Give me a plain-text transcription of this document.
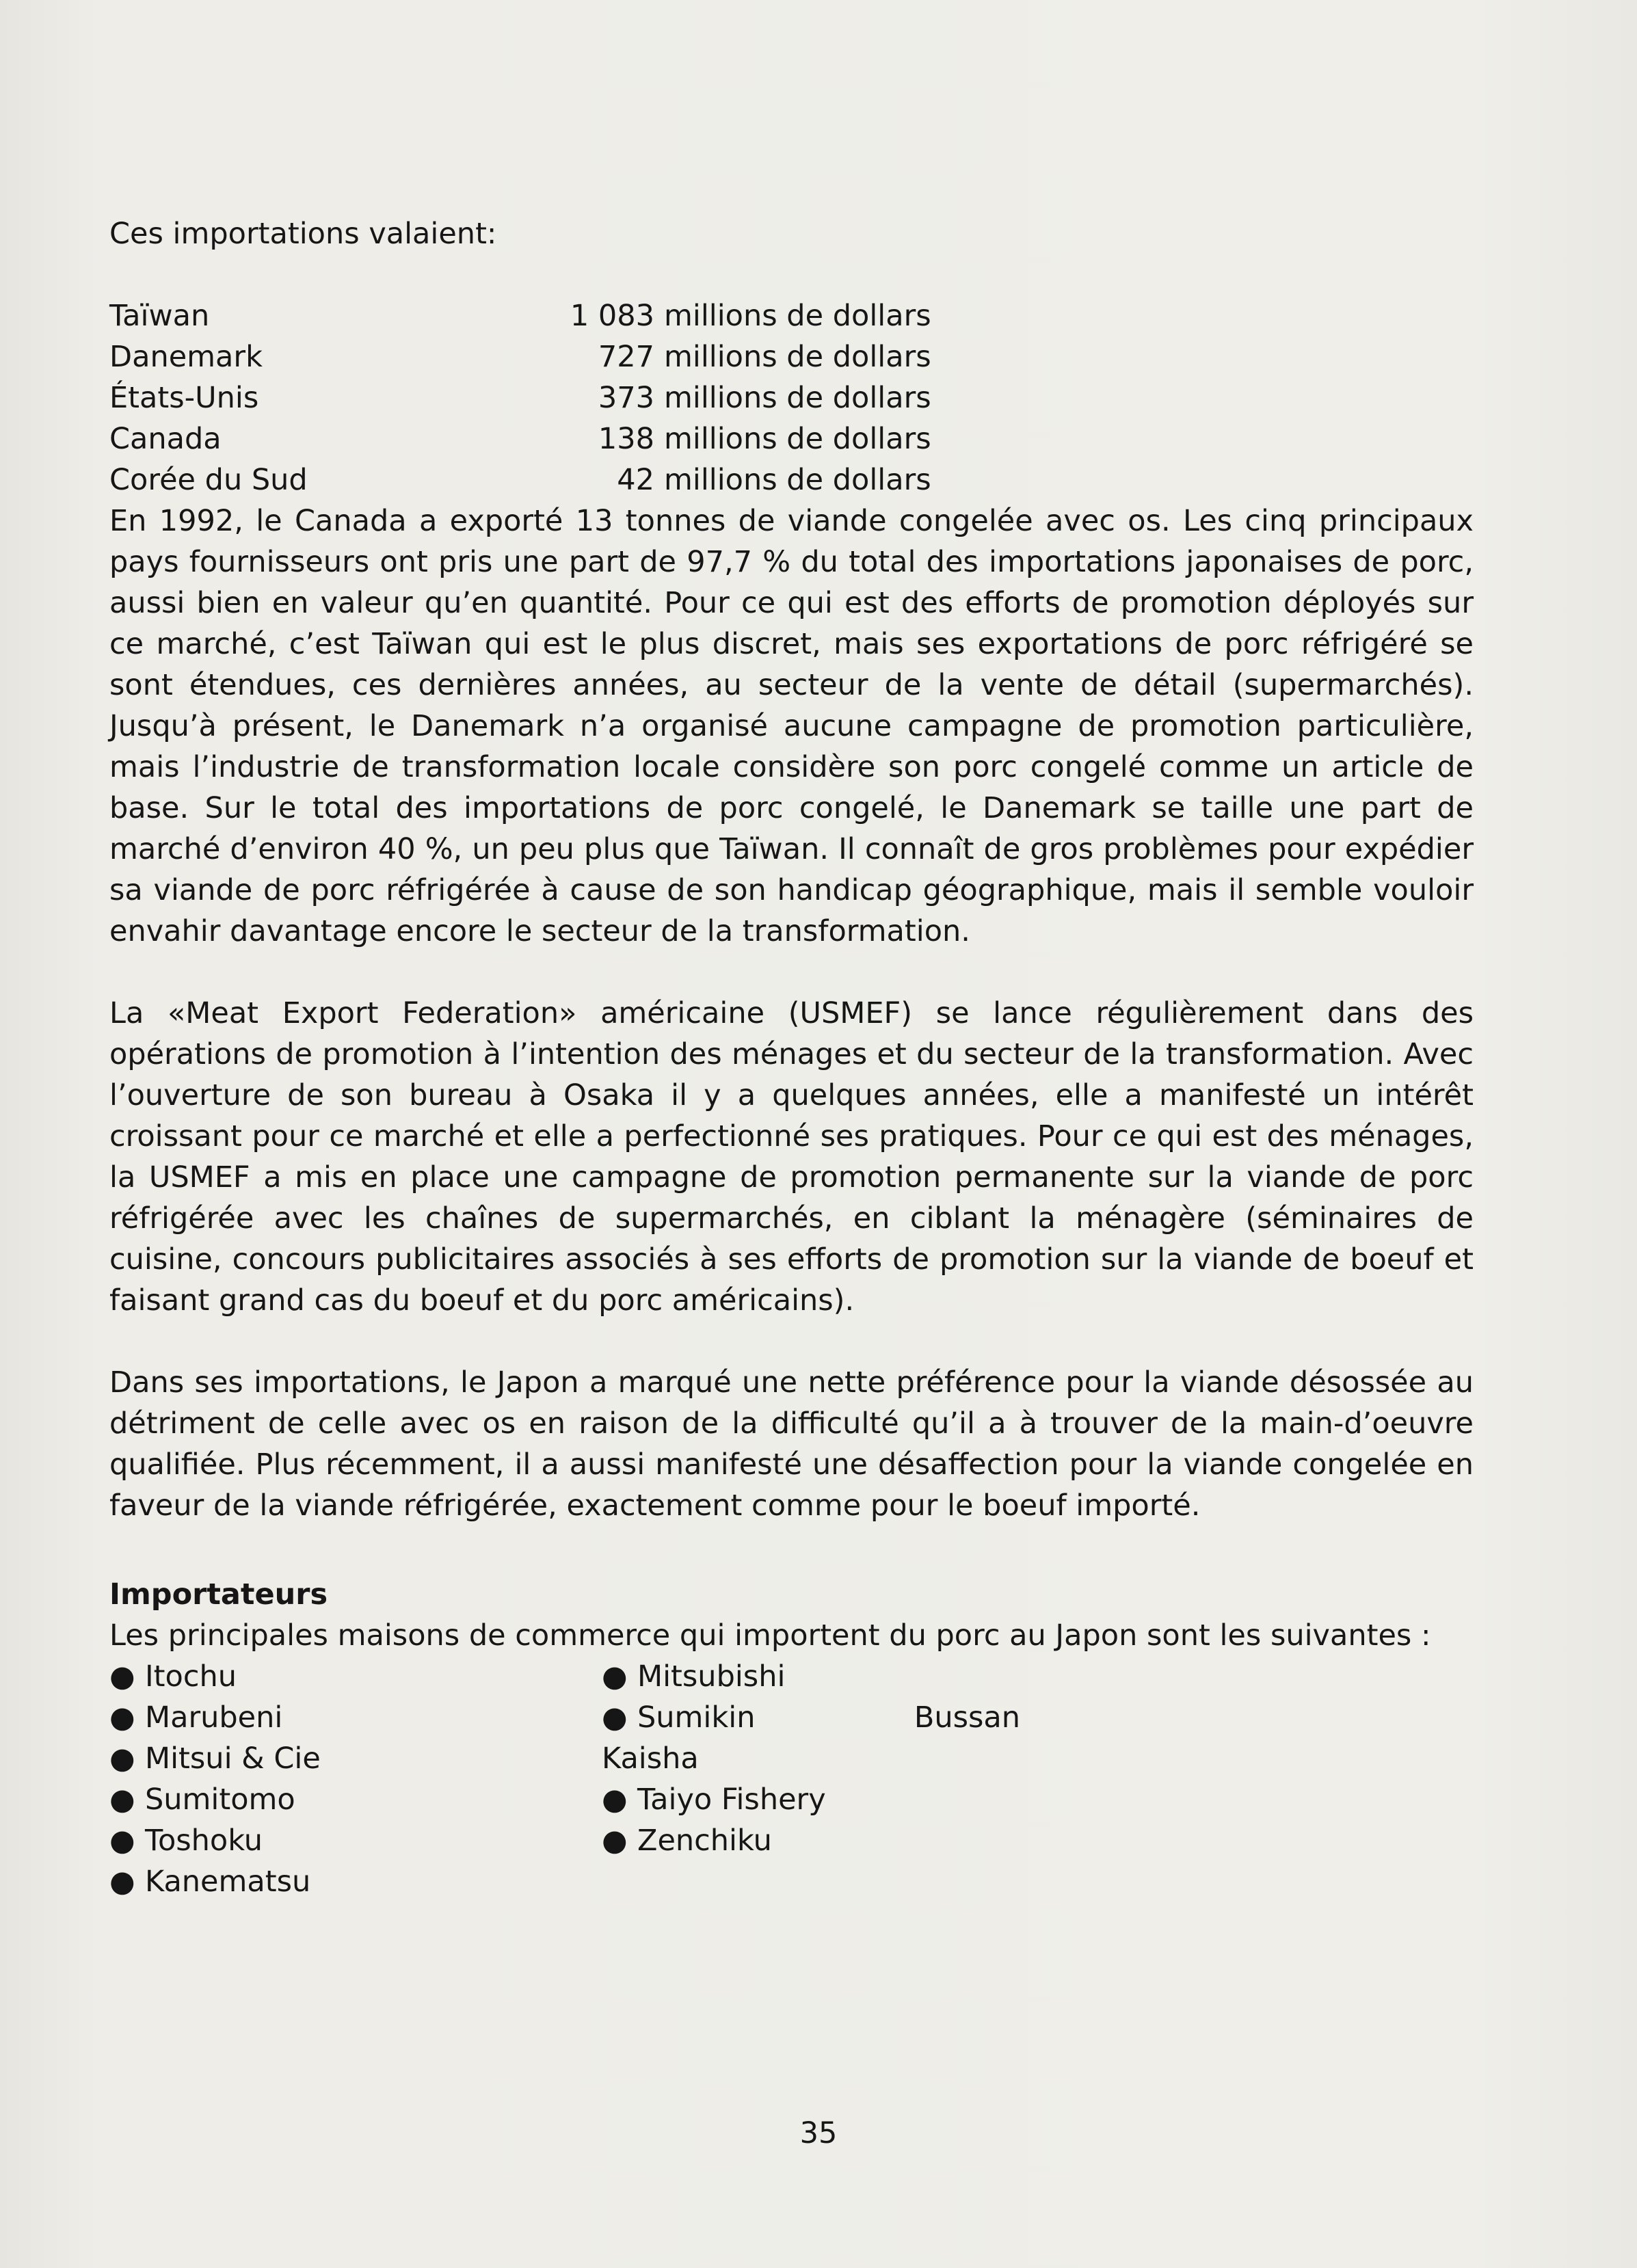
Ces importations valaient:

Taïwan	1 083 millions de dollars
Danemark	727 millions de dollars
États-Unis	373 millions de dollars
Canada	138 millions de dollars
Corée du Sud	42 millions de dollars

En 1992, le Canada a exporté 13 tonnes de viande congelée avec os. Les cinq principaux pays fournisseurs ont pris une part de 97,7 % du total des importations japonaises de porc, aussi bien en valeur qu’en quantité. Pour ce qui est des efforts de promotion déployés sur ce marché, c’est Taïwan qui est le plus discret, mais ses exportations de porc réfrigéré se sont étendues, ces dernières années, au secteur de la vente de détail (supermarchés). Jusqu’à présent, le Danemark n’a organisé aucune campagne de promotion particulière, mais l’industrie de transformation locale considère son porc congelé comme un article de base. Sur le total des importations de porc congelé, le Danemark se taille une part de marché d’environ 40 %, un peu plus que Taïwan. Il connaît de gros problèmes pour expédier sa viande de porc réfrigérée à cause de son handicap géographique, mais il semble vouloir envahir davantage encore le secteur de la transformation.

La «Meat Export Federation» américaine (USMEF) se lance régulièrement dans des opérations de promotion à l’intention des ménages et du secteur de la transformation. Avec l’ouverture de son bureau à Osaka il y a quelques années, elle a manifesté un intérêt croissant pour ce marché et elle a perfectionné ses pratiques. Pour ce qui est des ménages, la USMEF a mis en place une campagne de promotion permanente sur la viande de porc réfrigérée avec les chaînes de supermarchés, en ciblant la ménagère (séminaires de cuisine, concours publicitaires associés à ses efforts de promotion sur la viande de boeuf et faisant grand cas du boeuf et du porc américains).

Dans ses importations, le Japon a marqué une nette préférence pour la viande désossée au détriment de celle avec os en raison de la difficulté qu’il a à trouver de la main-d’oeuvre qualifiée. Plus récemment, il a aussi manifesté une désaffection pour la viande congelée en faveur de la viande réfrigérée, exactement comme pour le boeuf importé.

Importateurs

Les principales maisons de commerce qui importent du porc au Japon sont les suivantes :

● Itochu
● Marubeni
● Mitsui & Cie
● Sumitomo
● Toshoku
● Kanematsu
● Mitsubishi
● Sumikin	Bussan
Kaisha
● Taiyo Fishery
● Zenchiku
35
